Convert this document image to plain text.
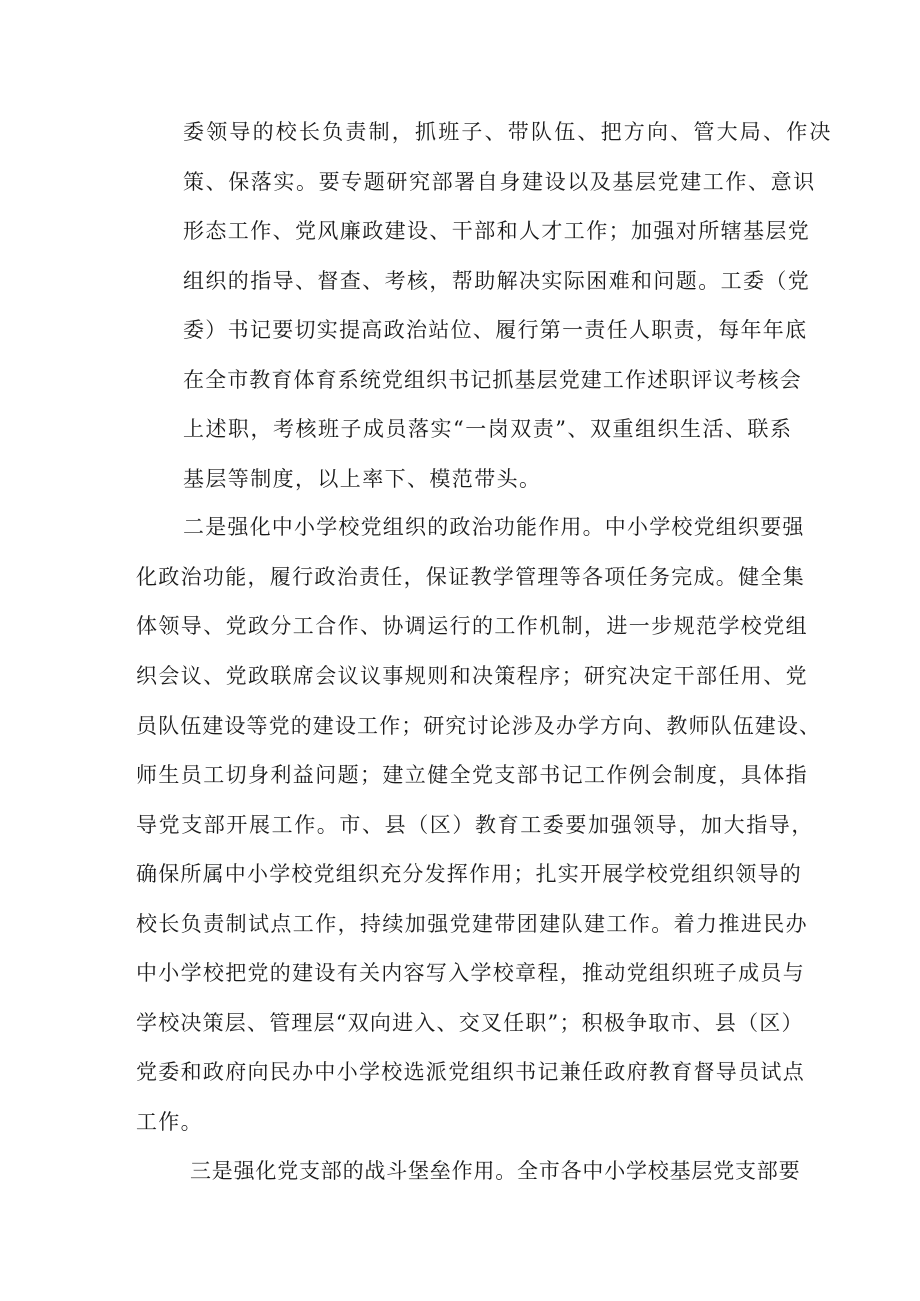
委领导的校长负责制，抓班子、带队伍、把方向、管大局、作决

策、保落实。要专题研究部署自身建设以及基层党建工作、意识

形态工作、党风廉政建设、干部和人才工作；加强对所辖基层党

组织的指导、督查、考核，帮助解决实际困难和问题。工委（党

委）书记要切实提高政治站位、履行第一责任人职责，每年年底

在全市教育体育系统党组织书记抓基层党建工作述职评议考核会

上述职，考核班子成员落实“一岗双责”、双重组织生活、联系

基层等制度，以上率下、模范带头。

二是强化中小学校党组织的政治功能作用。中小学校党组织要强

化政治功能，履行政治责任，保证教学管理等各项任务完成。健全集

体领导、党政分工合作、协调运行的工作机制，进一步规范学校党组

织会议、党政联席会议议事规则和决策程序；研究决定干部任用、党

员队伍建设等党的建设工作；研究讨论涉及办学方向、教师队伍建设、

师生员工切身利益问题；建立健全党支部书记工作例会制度，具体指

导党支部开展工作。市、县（区）教育工委要加强领导，加大指导，

确保所属中小学校党组织充分发挥作用；扎实开展学校党组织领导的

校长负责制试点工作，持续加强党建带团建队建工作。着力推进民办

中小学校把党的建设有关内容写入学校章程，推动党组织班子成员与

学校决策层、管理层“双向进入、交叉任职”；积极争取市、县（区）

党委和政府向民办中小学校选派党组织书记兼任政府教育督导员试点

工作。

三是强化党支部的战斗堡垒作用。全市各中小学校基层党支部要
